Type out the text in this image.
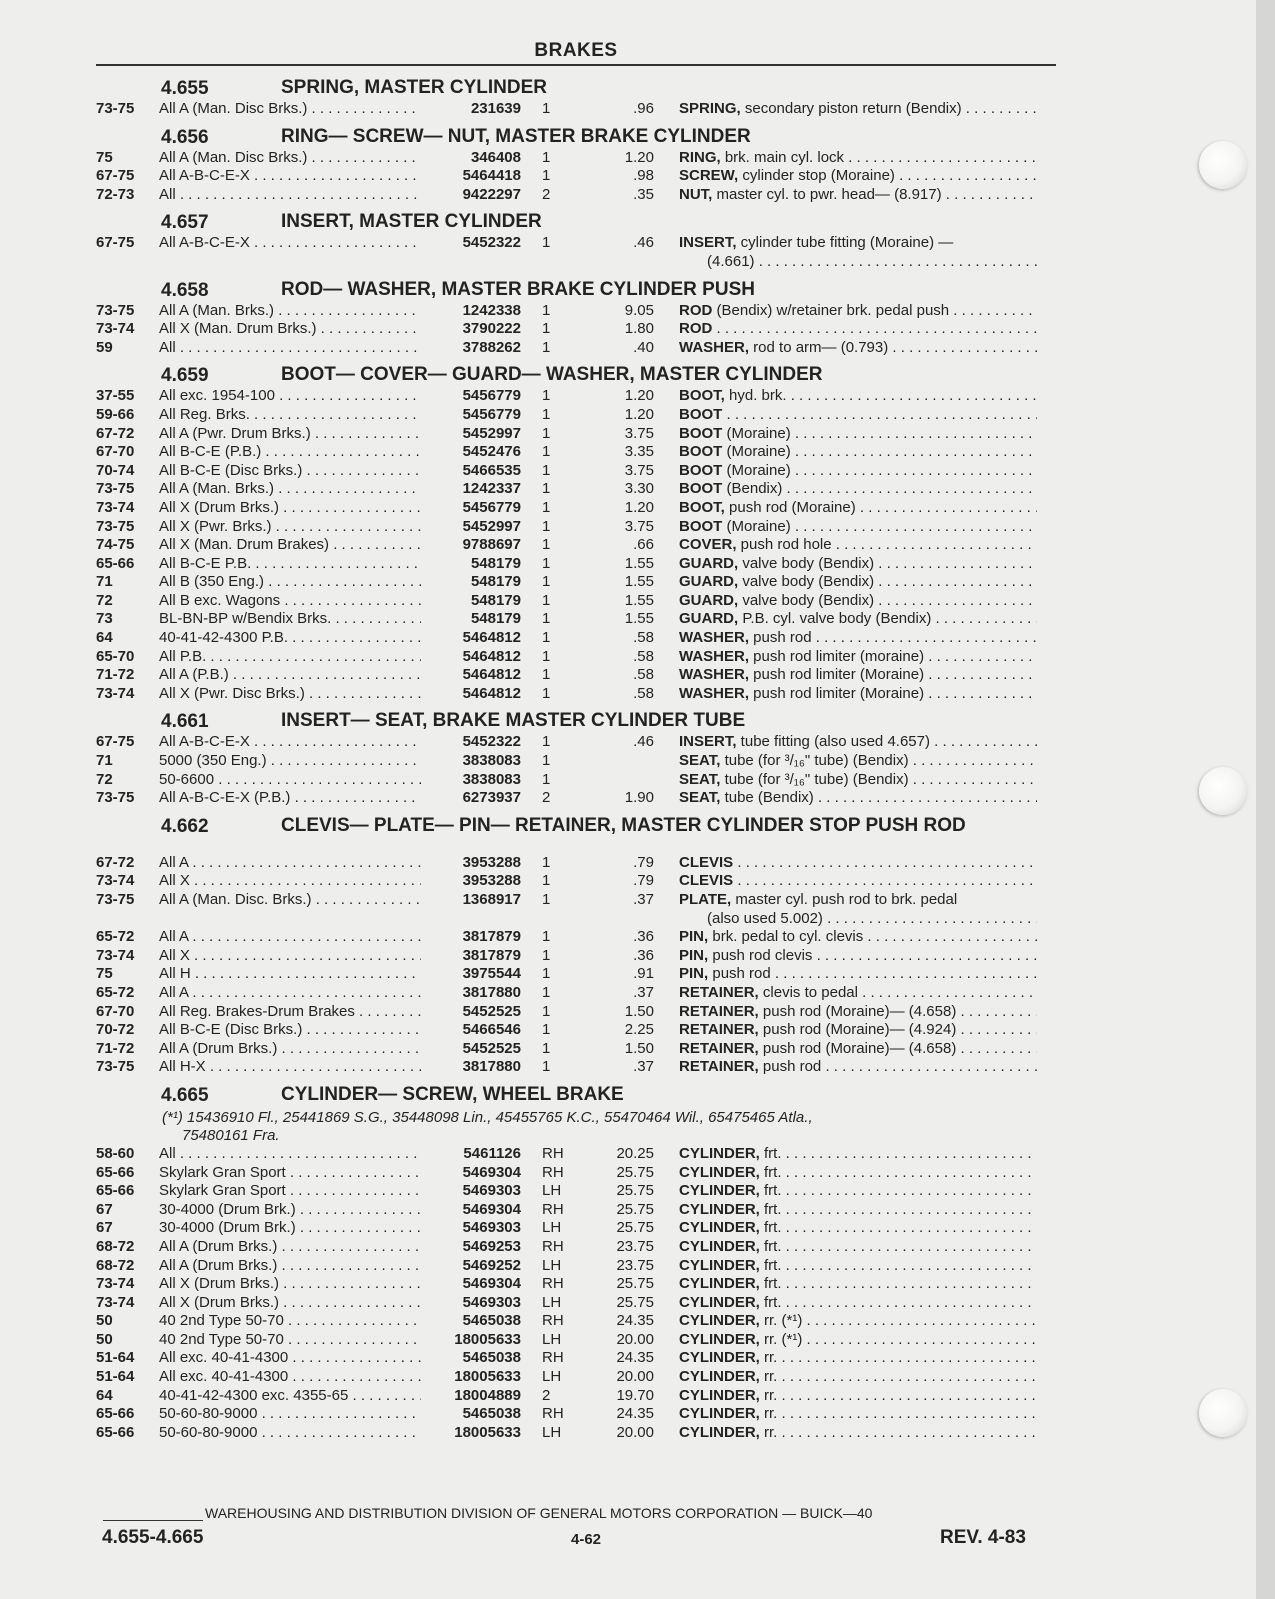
BRAKES
4.655	SPRING, MASTER CYLINDER
73-75	All A (Man. Disc Brks.) . . .	231639 1	.96 SPRING, secondary piston return (Bendix) . . .
4.656	RING— SCREW— NUT, MASTER BRAKE CYLINDER
75	All A (Man. Disc Brks.) . . .	346408 1	1.20 RING, brk. main cyl. lock . . .
67-75	All A-B-C-E-X . . .	5464418 1	.98 SCREW, cylinder stop (Moraine) . . .
72-73	All . . .	9422297 2	.35 NUT, master cyl. to pwr. head— (8.917) . . .
4.657	INSERT, MASTER CYLINDER
67-75	All A-B-C-E-X . . .	5452322 1	.46 INSERT, cylinder tube fitting (Moraine) —
(4.661) . . .
4.658	ROD— WASHER, MASTER BRAKE CYLINDER PUSH
73-75	All A (Man. Brks.) . . .	1242338 1	9.05 ROD (Bendix) w/retainer brk. pedal push . . .
73-74	All X (Man. Drum Brks.) . . .	3790222 1	1.80 ROD . . .
59	All . . .	3788262 1	.40 WASHER, rod to arm— (0.793) . . .
4.659	BOOT— COVER— GUARD— WASHER, MASTER CYLINDER
37-55	All exc. 1954-100 . . .	5456779 1	1.20 BOOT, hyd. brk. . . .
59-66	All Reg. Brks. . . .	5456779 1	1.20 BOOT . . .
67-72	All A (Pwr. Drum Brks.) . . .	5452997 1	3.75 BOOT (Moraine) . . .
67-70	All B-C-E (P.B.) . . .	5452476 1	3.35 BOOT (Moraine) . . .
70-74	All B-C-E (Disc Brks.) . . .	5466535 1	3.75 BOOT (Moraine) . . .
73-75	All A (Man. Brks.) . . .	1242337 1	3.30 BOOT (Bendix) . . .
73-74	All X (Drum Brks.) . . .	5456779 1	1.20 BOOT, push rod (Moraine) . . .
73-75	All X (Pwr. Brks.) . . .	5452997 1	3.75 BOOT (Moraine) . . .
74-75	All X (Man. Drum Brakes) . . .	9788697 1	.66 COVER, push rod hole . . .
65-66	All B-C-E P.B. . . .	548179 1	1.55 GUARD, valve body (Bendix) . . .
71	All B (350 Eng.) . . .	548179 1	1.55 GUARD, valve body (Bendix) . . .
72	All B exc. Wagons . . .	548179 1	1.55 GUARD, valve body (Bendix) . . .
73	BL-BN-BP w/Bendix Brks. . . .	548179 1	1.55 GUARD, P.B. cyl. valve body (Bendix) . . .
64	40-41-42-4300 P.B. . . .	5464812 1	.58 WASHER, push rod . . .
65-70	All P.B. . . .	5464812 1	.58 WASHER, push rod limiter (moraine) . . .
71-72	All A (P.B.) . . .	5464812 1	.58 WASHER, push rod limiter (Moraine) . . .
73-74	All X (Pwr. Disc Brks.) . . .	5464812 1	.58 WASHER, push rod limiter (Moraine) . . .
4.661	INSERT— SEAT, BRAKE MASTER CYLINDER TUBE
67-75	All A-B-C-E-X . . .	5452322 1	.46 INSERT, tube fitting (also used 4.657) . . .
71	5000 (350 Eng.) . . .	3838083 1	SEAT, tube (for ³/₁₆" tube) (Bendix) . . .
72	50-6600 . . .	3838083 1	SEAT, tube (for ³/₁₆" tube) (Bendix) . . .
73-75	All A-B-C-E-X (P.B.) . . .	6273937 2	1.90 SEAT, tube (Bendix) . . .
4.662	CLEVIS— PLATE— PIN— RETAINER, MASTER CYLINDER STOP PUSH ROD
67-72	All A . . .	3953288 1	.79 CLEVIS . . .
73-74	All X . . .	3953288 1	.79 CLEVIS . . .
73-75	All A (Man. Disc. Brks.) . . .	1368917 1	.37 PLATE, master cyl. push rod to brk. pedal
(also used 5.002) . . .
65-72	All A . . .	3817879 1	.36 PIN, brk. pedal to cyl. clevis . . .
73-74	All X . . .	3817879 1	.36 PIN, push rod clevis . . .
75	All H . . .	3975544 1	.91 PIN, push rod . . .
65-72	All A . . .	3817880 1	.37 RETAINER, clevis to pedal . . .
67-70	All Reg. Brakes-Drum Brakes . . .	5452525 1	1.50 RETAINER, push rod (Moraine)— (4.658) . . .
70-72	All B-C-E (Disc Brks.) . . .	5466546 1	2.25 RETAINER, push rod (Moraine)— (4.924) . . .
71-72	All A (Drum Brks.) . . .	5452525 1	1.50 RETAINER, push rod (Moraine)— (4.658) . . .
73-75	All H-X . . .	3817880 1	.37 RETAINER, push rod . . .
4.665	CYLINDER— SCREW, WHEEL BRAKE
(*¹) 15436910 Fl., 25441869 S.G., 35448098 Lin., 45455765 K.C., 55470464 Wil., 65475465 Atla.,
75480161 Fra.
58-60	All . . .	5461126 RH	20.25 CYLINDER, frt. . . .
65-66	Skylark Gran Sport . . .	5469304 RH	25.75 CYLINDER, frt. . . .
65-66	Skylark Gran Sport . . .	5469303 LH	25.75 CYLINDER, frt. . . .
67	30-4000 (Drum Brk.) . . .	5469304 RH	25.75 CYLINDER, frt. . . .
67	30-4000 (Drum Brk.) . . .	5469303 LH	25.75 CYLINDER, frt. . . .
68-72	All A (Drum Brks.) . . .	5469253 RH	23.75 CYLINDER, frt. . . .
68-72	All A (Drum Brks.) . . .	5469252 LH	23.75 CYLINDER, frt. . . .
73-74	All X (Drum Brks.) . . .	5469304 RH	25.75 CYLINDER, frt. . . .
73-74	All X (Drum Brks.) . . .	5469303 LH	25.75 CYLINDER, frt. . . .
50	40 2nd Type 50-70 . . .	5465038 RH	24.35 CYLINDER, rr. (*¹) . . .
50	40 2nd Type 50-70 . . .	18005633 LH	20.00 CYLINDER, rr. (*¹) . . .
51-64	All exc. 40-41-4300 . . .	5465038 RH	24.35 CYLINDER, rr. . . .
51-64	All exc. 40-41-4300 . . .	18005633 LH	20.00 CYLINDER, rr. . . .
64	40-41-42-4300 exc. 4355-65 . . .	18004889 2	19.70 CYLINDER, rr. . . .
65-66	50-60-80-9000 . . .	5465038 RH	24.35 CYLINDER, rr. . . .
65-66	50-60-80-9000 . . .	18005633 LH	20.00 CYLINDER, rr. . . .
WAREHOUSING AND DISTRIBUTION DIVISION OF GENERAL MOTORS CORPORATION — BUICK—40
4.655-4.665	4-62	REV. 4-83
